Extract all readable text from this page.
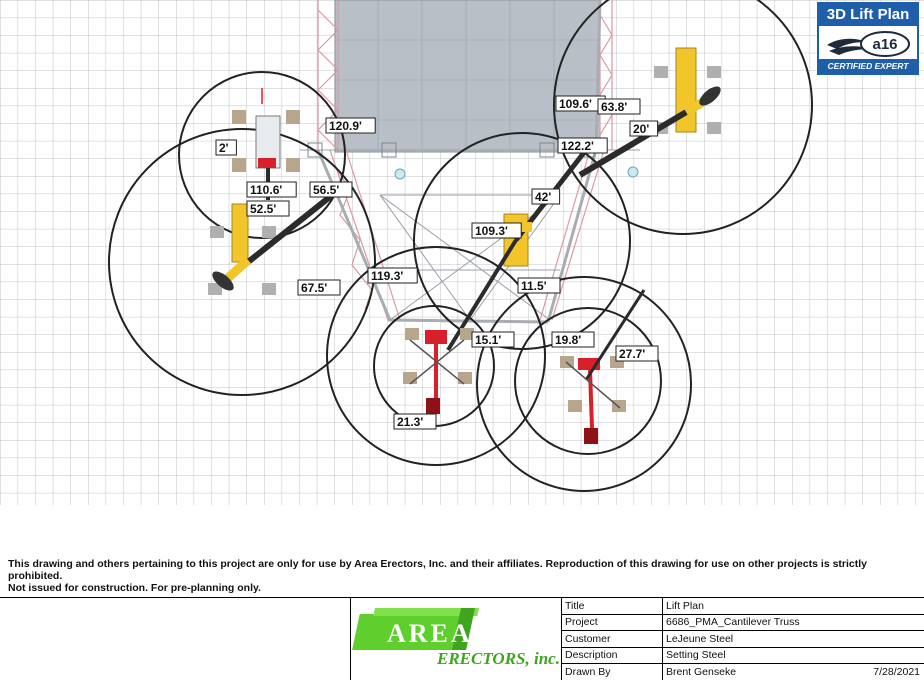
120.9'
2'
110.6'	56.5'
52.5'
67.5'
109.6' 63.8'
20'
122.2'
42'
109.3'
11.5'
119.3'
15.1'
21.3'
19.8'
27.7'
3D Lift Plan
a16
CERTIFIED EXPERT
This drawing and others pertaining to this project are only for use by Area Erectors, Inc. and their affiliates. Reproduction of this drawing for use on other projects is strictly prohibited.
Not issued for construction. For pre-planning only.
AREA
ERECTORS, inc.
Title	Lift Plan
Project	6686_PMA_Cantilever Truss
Customer	LeJeune Steel
Description	Setting Steel
Drawn By	Brent Genseke	7/28/2021
